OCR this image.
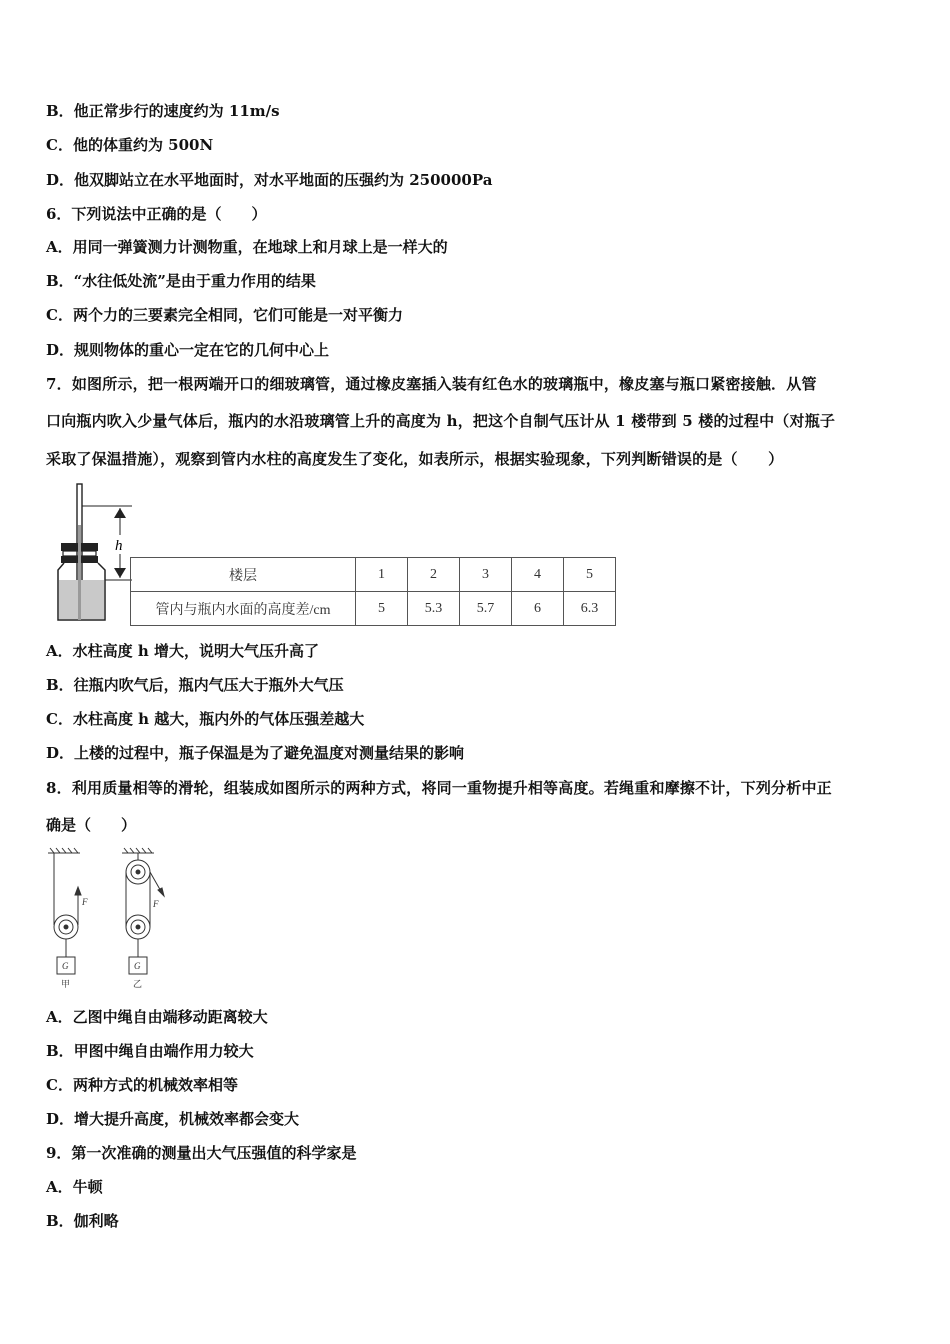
B．他正常步行的速度约为 11m/s
C．他的体重约为 500N
D．他双脚站立在水平地面时，对水平地面的压强约为 250000Pa
6．下列说法中正确的是（　　）
A．用同一弹簧测力计测物重，在地球上和月球上是一样大的
B．“水往低处流”是由于重力作用的结果
C．两个力的三要素完全相同，它们可能是一对平衡力
D．规则物体的重心一定在它的几何中心上
7．如图所示，把一根两端开口的细玻璃管，通过橡皮塞插入装有红色水的玻璃瓶中，橡皮塞与瓶口紧密接触．从管
口向瓶内吹入少量气体后，瓶内的水沿玻璃管上升的高度为 h，把这个自制气压计从 1 楼带到 5 楼的过程中（对瓶子
采取了保温措施），观察到管内水柱的高度发生了变化，如表所示，根据实验现象，下列判断错误的是（　　）
h
楼层	1	2	3	4	5
管内与瓶内水面的高度差/cm	5	5.3	5.7	6	6.3
A．水柱高度 h 增大，说明大气压升高了
B．往瓶内吹气后，瓶内气压大于瓶外大气压
C．水柱高度 h 越大，瓶内外的气体压强差越大
D．上楼的过程中，瓶子保温是为了避免温度对测量结果的影响
8．利用质量相等的滑轮，组装成如图所示的两种方式，将同一重物提升相等高度。若绳重和摩擦不计，下列分析中正
确是（　　）
F	F
G	G
甲	乙
A．乙图中绳自由端移动距离较大
B．甲图中绳自由端作用力较大
C．两种方式的机械效率相等
D．增大提升高度，机械效率都会变大
9．第一次准确的测量出大气压强值的科学家是
A．牛顿
B．伽利略
